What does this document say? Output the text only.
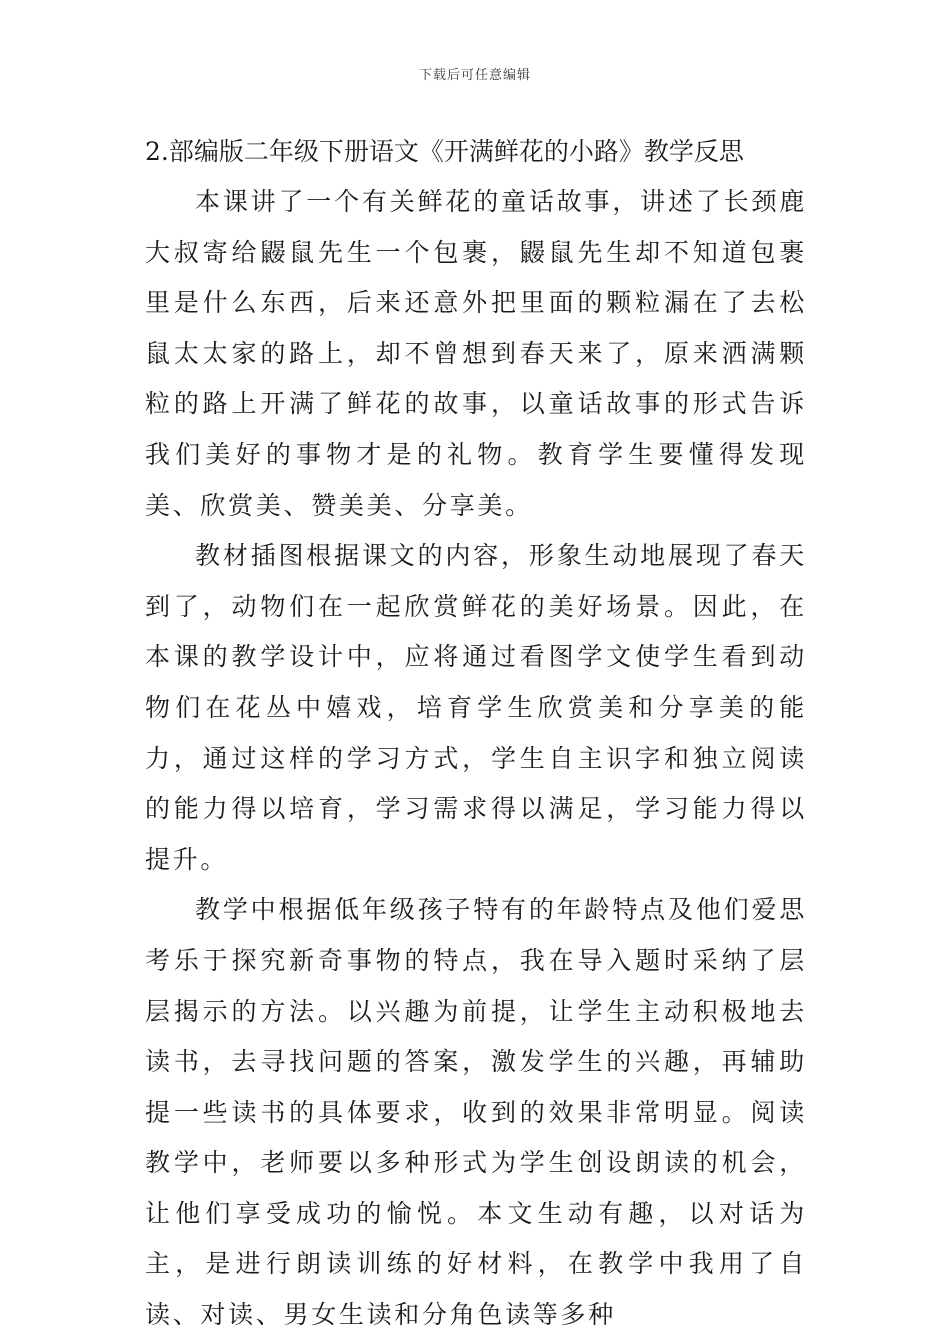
下载后可任意编辑
2.部编版二年级下册语文《开满鲜花的小路》教学反思

本课讲了一个有关鲜花的童话故事，讲述了长颈鹿大叔寄给鼹鼠先生一个包裹，鼹鼠先生却不知道包裹里是什么东西，后来还意外把里面的颗粒漏在了去松鼠太太家的路上，却不曾想到春天来了，原来洒满颗粒的路上开满了鲜花的故事，以童话故事的形式告诉我们美好的事物才是的礼物。教育学生要懂得发现美、欣赏美、赞美美、分享美。

教材插图根据课文的内容，形象生动地展现了春天到了，动物们在一起欣赏鲜花的美好场景。因此，在本课的教学设计中，应将通过看图学文使学生看到动物们在花丛中嬉戏，培育学生欣赏美和分享美的能力，通过这样的学习方式，学生自主识字和独立阅读的能力得以培育，学习需求得以满足，学习能力得以提升。

教学中根据低年级孩子特有的年龄特点及他们爱思考乐于探究新奇事物的特点，我在导入题时采纳了层层揭示的方法。以兴趣为前提，让学生主动积极地去读书，去寻找问题的答案，激发学生的兴趣，再辅助提一些读书的具体要求，收到的效果非常明显。阅读教学中，老师要以多种形式为学生创设朗读的机会，让他们享受成功的愉悦。本文生动有趣，以对话为主，是进行朗读训练的好材料，在教学中我用了自读、对读、男女生读和分角色读等多种
